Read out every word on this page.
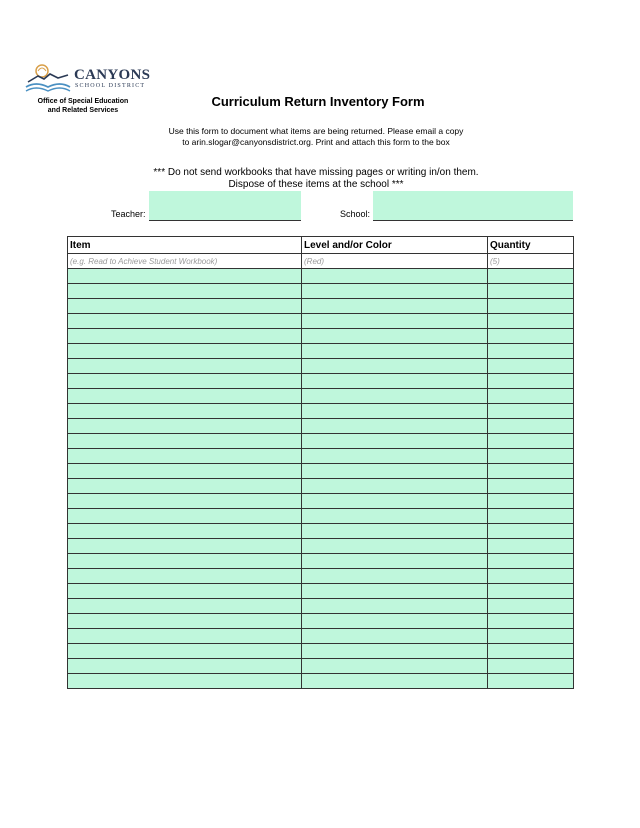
CANYONS
SCHOOL DISTRICT
Office of Special Education
and Related Services
Curriculum Return Inventory Form
Use this form to document what items are being returned. Please email a copy
to arin.slogar@canyonsdistrict.org. Print and attach this form to the box
*** Do not send workbooks that have missing pages or writing in/on them.
Dispose of these items at the school ***
Teacher:	School:
Item	Level and/or Color	Quantity
(e.g. Read to Achieve Student Workbook)	(Red)	(5)
